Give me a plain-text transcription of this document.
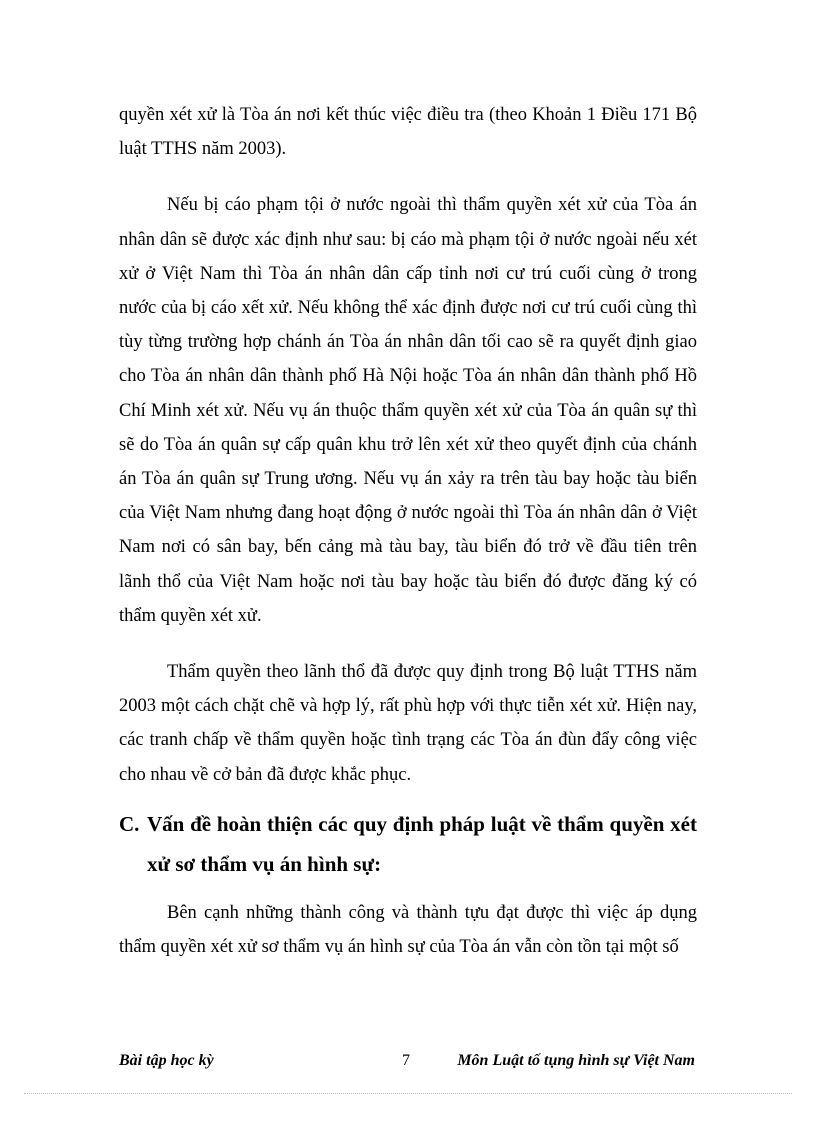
quyền xét xử là Tòa án nơi kết thúc việc điều tra (theo Khoản 1 Điều 171 Bộ luật TTHS năm 2003).

Nếu bị cáo phạm tội ở nước ngoài thì thẩm quyền xét xử của Tòa án nhân dân sẽ được xác định như sau: bị cáo mà phạm tội ở nước ngoài nếu xét xử ở Việt Nam thì Tòa án nhân dân cấp tỉnh nơi cư trú cuối cùng ở trong nước của bị cáo xết xử. Nếu không thể xác định được nơi cư trú cuối cùng thì tùy từng trường hợp chánh án Tòa án nhân dân tối cao sẽ ra quyết định giao cho Tòa án nhân dân thành phố Hà Nội hoặc Tòa án nhân dân thành phố Hồ Chí Minh xét xử. Nếu vụ án thuộc thẩm quyền xét xử của Tòa án quân sự thì sẽ do Tòa án quân sự cấp quân khu trở lên xét xử theo quyết định của chánh án Tòa án quân sự Trung ương. Nếu vụ án xảy ra trên tàu bay hoặc tàu biển của Việt Nam nhưng đang hoạt động ở nước ngoài thì Tòa án nhân dân ở Việt Nam nơi có sân bay, bến cảng mà tàu bay, tàu biển đó trở về đầu tiên trên lãnh thổ của Việt Nam hoặc nơi tàu bay hoặc tàu biển đó được đăng ký có thẩm quyền xét xử.

Thẩm quyền theo lãnh thổ đã được quy định trong Bộ luật TTHS năm 2003 một cách chặt chẽ và hợp lý, rất phù hợp với thực tiễn xét xử. Hiện nay, các tranh chấp về thẩm quyền hoặc tình trạng các Tòa án đùn đẩy công việc cho nhau về cở bản đã được khắc phục.

C. Vấn đề hoàn thiện các quy định pháp luật về thẩm quyền xét xử sơ thẩm vụ án hình sự:

Bên cạnh những thành công và thành tựu đạt được thì việc áp dụng thẩm quyền xét xử sơ thẩm vụ án hình sự của Tòa án vẫn còn tồn tại một số

Bài tập học kỳ	7	Môn Luật tố tụng hình sự Việt Nam
